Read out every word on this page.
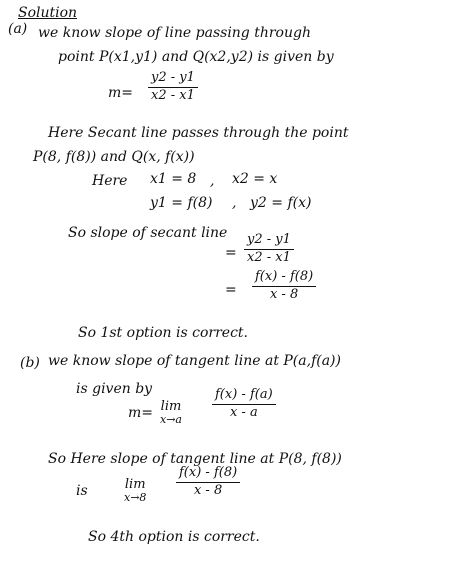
Solution
(a) we know slope of line passing through
point P(x1,y1) and Q(x2,y2) is given by
m=
y2 - y1
x2 - x1
Here Secant line passes through the point
P(8, f(8)) and Q(x, f(x))
Here x1 = 8 , x2 = x
y1 = f(8) , y2 = f(x)
So slope of secant line
=
y2 - y1
x2 - x1
=
f(x) - f(8)
x - 8
So 1st option is correct.
(b) we know slope of tangent line at P(a,f(a))
is given by
m= lim
x→a
f(x) - f(a)
x - a
So Here slope of tangent line at P(8, f(8))
is	lim
x→8
f(x) - f(8)
x - 8
So 4th option is correct.
